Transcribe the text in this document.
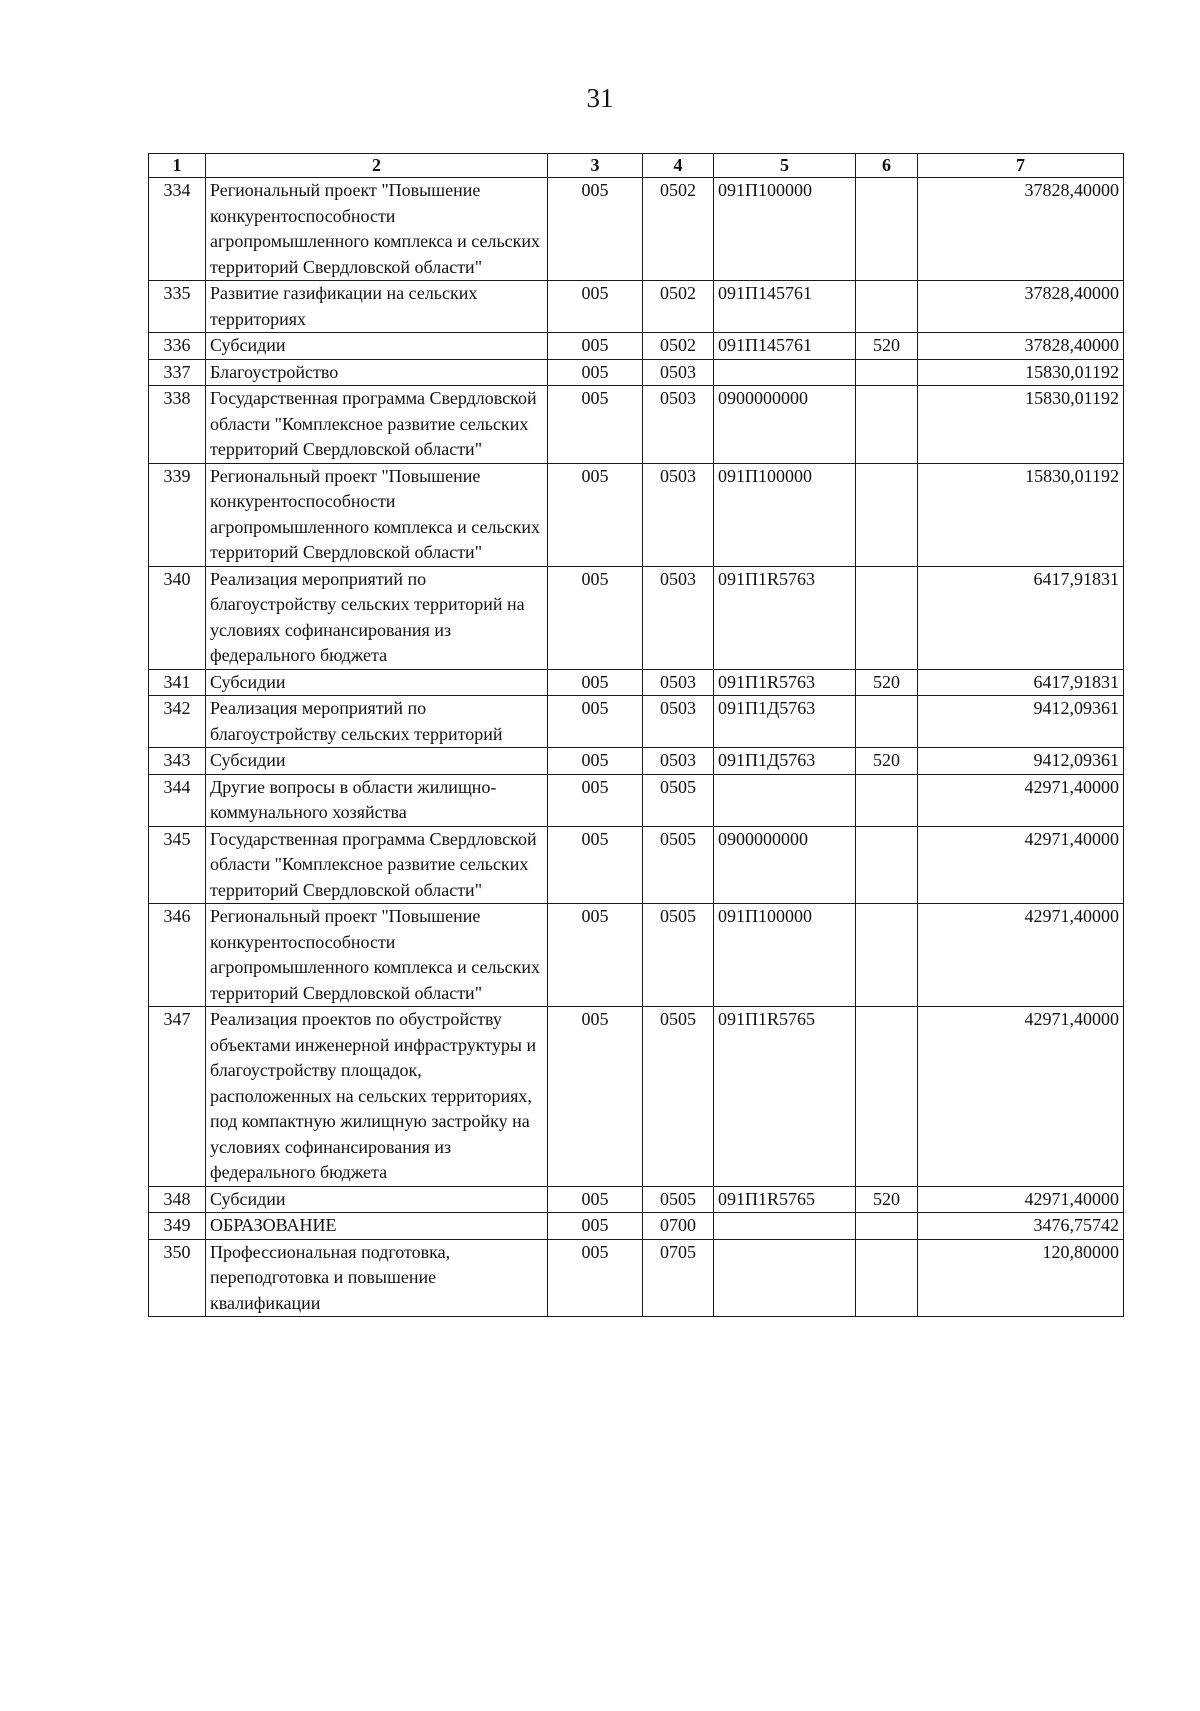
31
1	2	3	4	5	6	7
334	Региональный проект "Повышение конкурентоспособности агропромышленного комплекса и сельских территорий Свердловской области"	005	0502	091П100000		37828,40000
335	Развитие газификации на сельских территориях	005	0502	091П145761		37828,40000
336	Субсидии	005	0502	091П145761	520	37828,40000
337	Благоустройство	005	0503			15830,01192
338	Государственная программа Свердловской области "Комплексное развитие сельских территорий Свердловской области"	005	0503	0900000000		15830,01192
339	Региональный проект "Повышение конкурентоспособности агропромышленного комплекса и сельских территорий Свердловской области"	005	0503	091П100000		15830,01192
340	Реализация мероприятий по благоустройству сельских территорий на условиях софинансирования из федерального бюджета	005	0503	091П1R5763		6417,91831
341	Субсидии	005	0503	091П1R5763	520	6417,91831
342	Реализация мероприятий по благоустройству сельских территорий	005	0503	091П1Д5763		9412,09361
343	Субсидии	005	0503	091П1Д5763	520	9412,09361
344	Другие вопросы в области жилищно-коммунального хозяйства	005	0505			42971,40000
345	Государственная программа Свердловской области "Комплексное развитие сельских территорий Свердловской области"	005	0505	0900000000		42971,40000
346	Региональный проект "Повышение конкурентоспособности агропромышленного комплекса и сельских территорий Свердловской области"	005	0505	091П100000		42971,40000
347	Реализация проектов по обустройству объектами инженерной инфраструктуры и благоустройству площадок, расположенных на сельских территориях, под компактную жилищную застройку на условиях софинансирования из федерального бюджета	005	0505	091П1R5765		42971,40000
348	Субсидии	005	0505	091П1R5765	520	42971,40000
349	ОБРАЗОВАНИЕ	005	0700			3476,75742
350	Профессиональная подготовка, переподготовка и повышение квалификации	005	0705			120,80000
